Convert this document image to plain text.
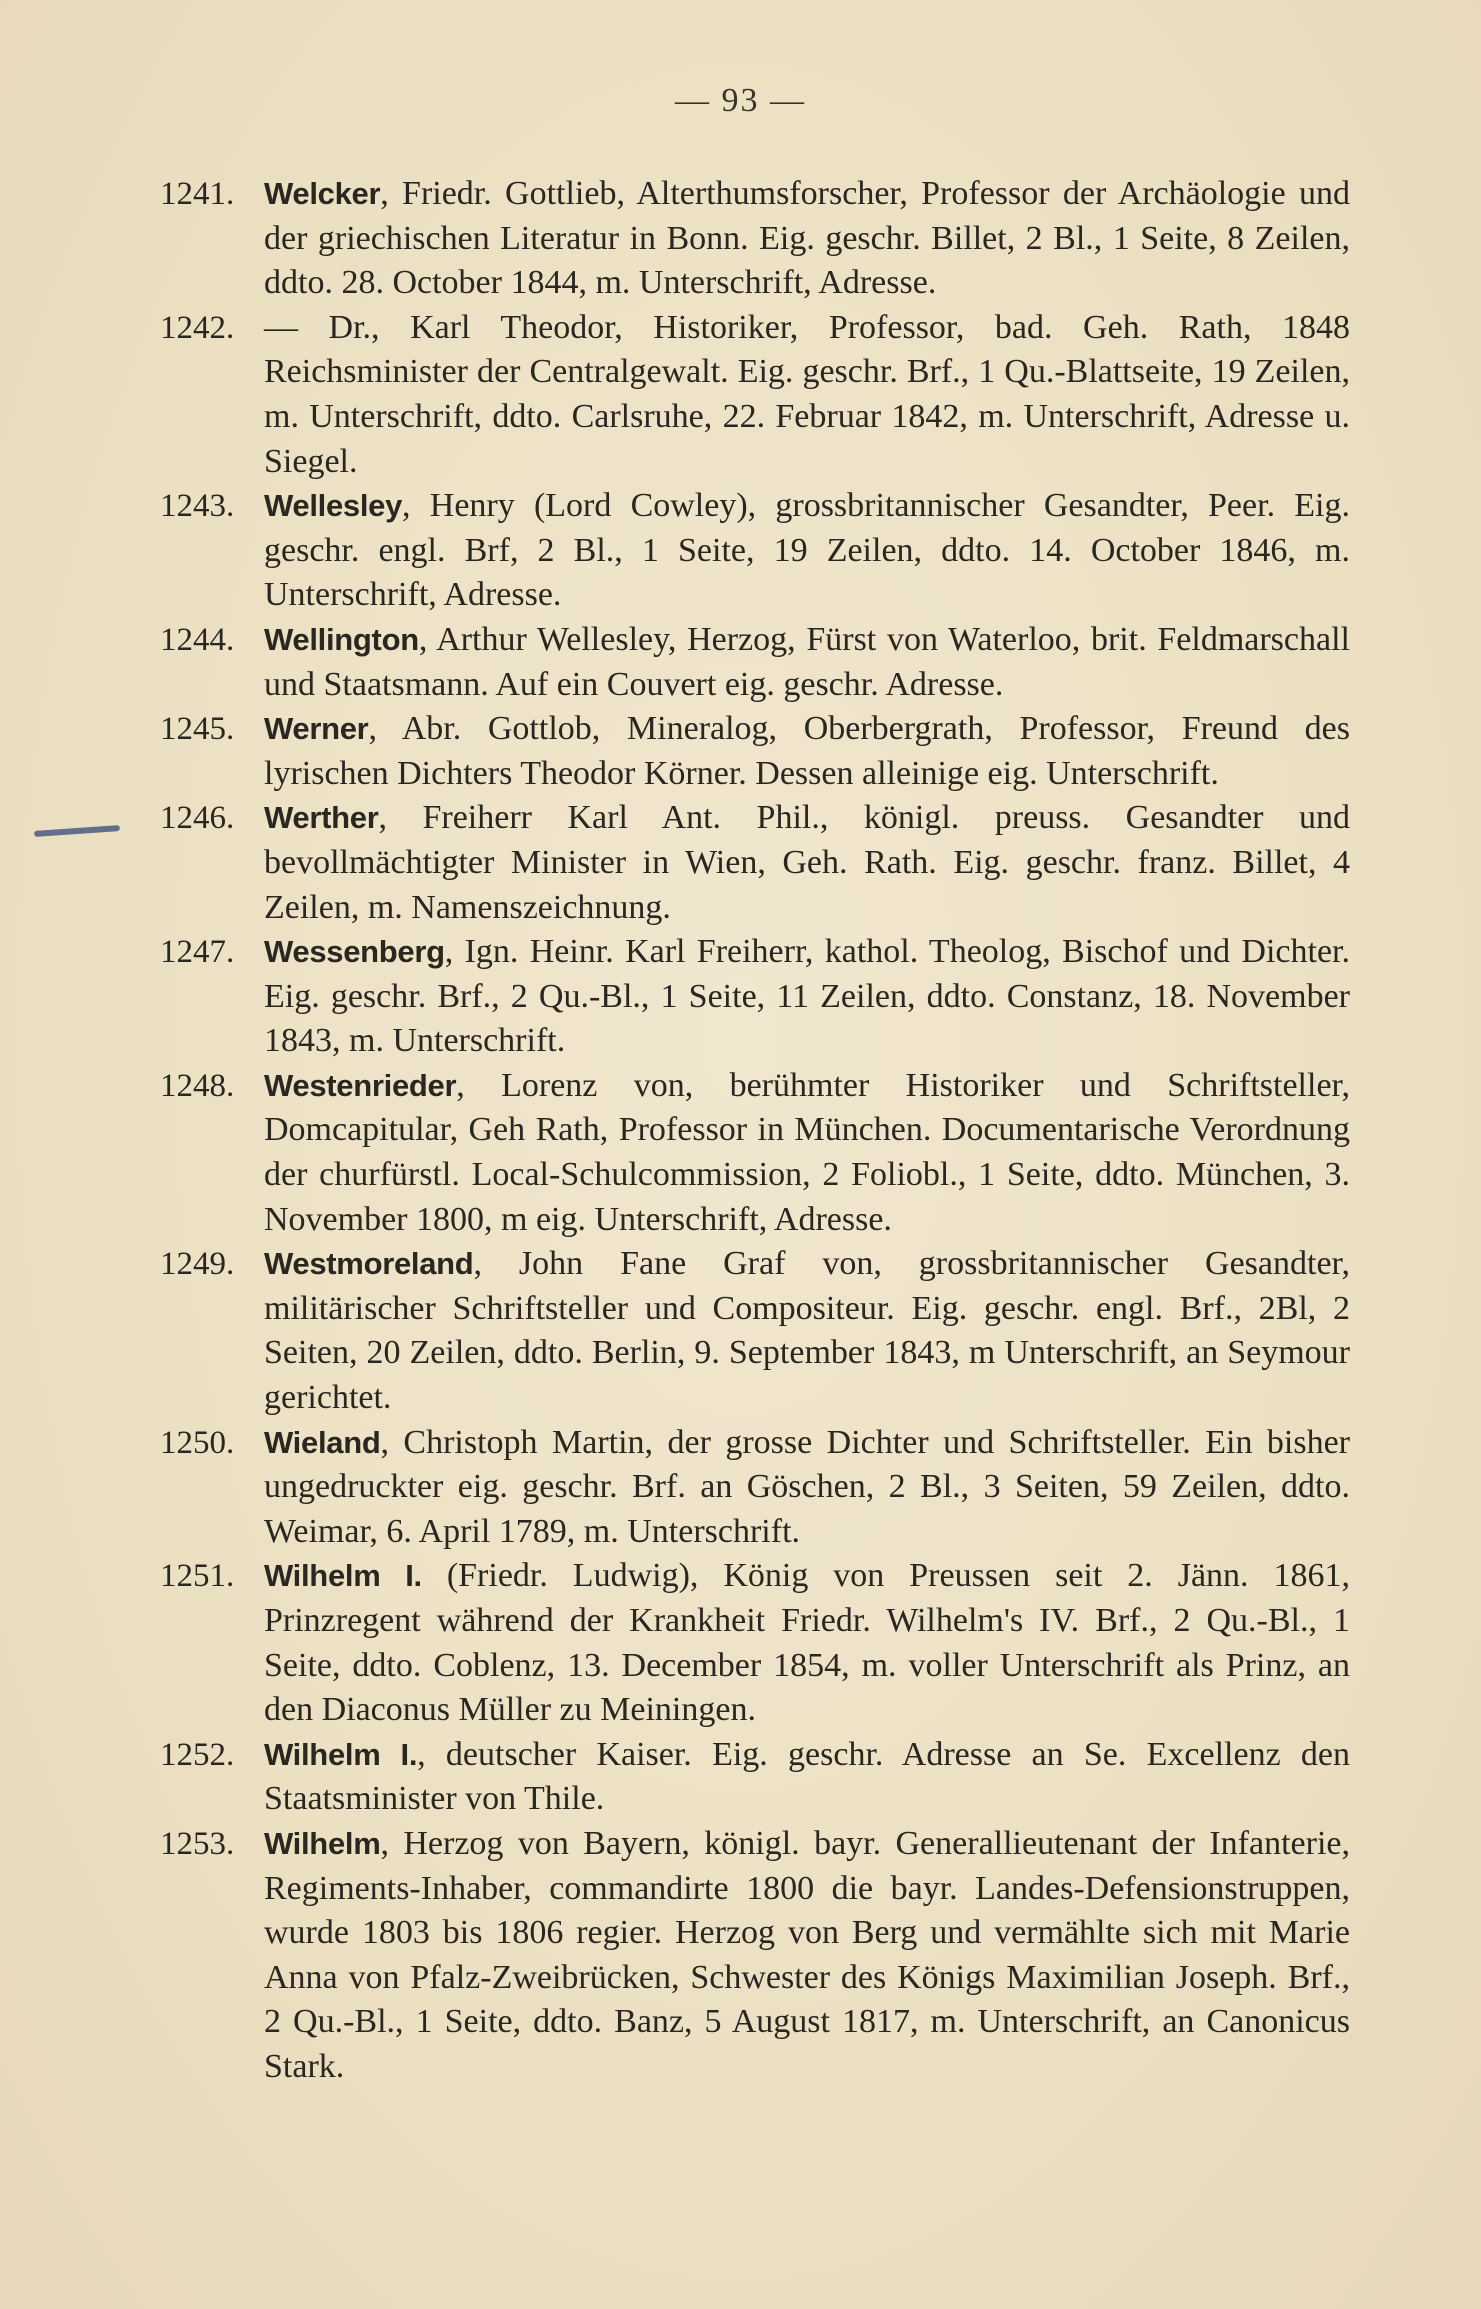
— 93 —
1241. Welcker, Friedr. Gottlieb, Alterthumsforscher, Professor der Archäologie und der griechischen Literatur in Bonn. Eig. geschr. Billet, 2 Bl., 1 Seite, 8 Zeilen, ddto. 28. October 1844, m. Unterschrift, Adresse.
1242. — Dr., Karl Theodor, Historiker, Professor, bad. Geh. Rath, 1848 Reichsminister der Centralgewalt. Eig. geschr. Brf., 1 Qu.-Blattseite, 19 Zeilen, m. Unterschrift, ddto. Carlsruhe, 22. Februar 1842, m. Unterschrift, Adresse u. Siegel.
1243. Wellesley, Henry (Lord Cowley), grossbritannischer Gesandter, Peer. Eig. geschr. engl. Brf, 2 Bl., 1 Seite, 19 Zeilen, ddto. 14. October 1846, m. Unterschrift, Adresse.
1244. Wellington, Arthur Wellesley, Herzog, Fürst von Waterloo, brit. Feldmarschall und Staatsmann. Auf ein Couvert eig. geschr. Adresse.
1245. Werner, Abr. Gottlob, Mineralog, Oberbergrath, Professor, Freund des lyrischen Dichters Theodor Körner. Dessen alleinige eig. Unterschrift.
1246. Werther, Freiherr Karl Ant. Phil., königl. preuss. Gesandter und bevollmächtigter Minister in Wien, Geh. Rath. Eig. geschr. franz. Billet, 4 Zeilen, m. Namenszeichnung.
1247. Wessenberg, Ign. Heinr. Karl Freiherr, kathol. Theolog, Bischof und Dichter. Eig. geschr. Brf., 2 Qu.-Bl., 1 Seite, 11 Zeilen, ddto. Constanz, 18. November 1843, m. Unterschrift.
1248. Westenrieder, Lorenz von, berühmter Historiker und Schriftsteller, Domcapitular, Geh Rath, Professor in München. Documentarische Verordnung der churfürstl. Local-Schulcommission, 2 Foliobl., 1 Seite, ddto. München, 3. November 1800, m eig. Unterschrift, Adresse.
1249. Westmoreland, John Fane Graf von, grossbritannischer Gesandter, militärischer Schriftsteller und Compositeur. Eig. geschr. engl. Brf., 2Bl, 2 Seiten, 20 Zeilen, ddto. Berlin, 9. September 1843, m Unterschrift, an Seymour gerichtet.
1250. Wieland, Christoph Martin, der grosse Dichter und Schriftsteller. Ein bisher ungedruckter eig. geschr. Brf. an Göschen, 2 Bl., 3 Seiten, 59 Zeilen, ddto. Weimar, 6. April 1789, m. Unterschrift.
1251. Wilhelm I. (Friedr. Ludwig), König von Preussen seit 2. Jänn. 1861, Prinzregent während der Krankheit Friedr. Wilhelm's IV. Brf., 2 Qu.-Bl., 1 Seite, ddto. Coblenz, 13. December 1854, m. voller Unterschrift als Prinz, an den Diaconus Müller zu Meiningen.
1252. Wilhelm I., deutscher Kaiser. Eig. geschr. Adresse an Se. Excellenz den Staatsminister von Thile.
1253. Wilhelm, Herzog von Bayern, königl. bayr. Generallieutenant der Infanterie, Regiments-Inhaber, commandirte 1800 die bayr. Landes-Defensionstruppen, wurde 1803 bis 1806 regier. Herzog von Berg und vermählte sich mit Marie Anna von Pfalz-Zweibrücken, Schwester des Königs Maximilian Joseph. Brf., 2 Qu.-Bl., 1 Seite, ddto. Banz, 5 August 1817, m. Unterschrift, an Canonicus Stark.
